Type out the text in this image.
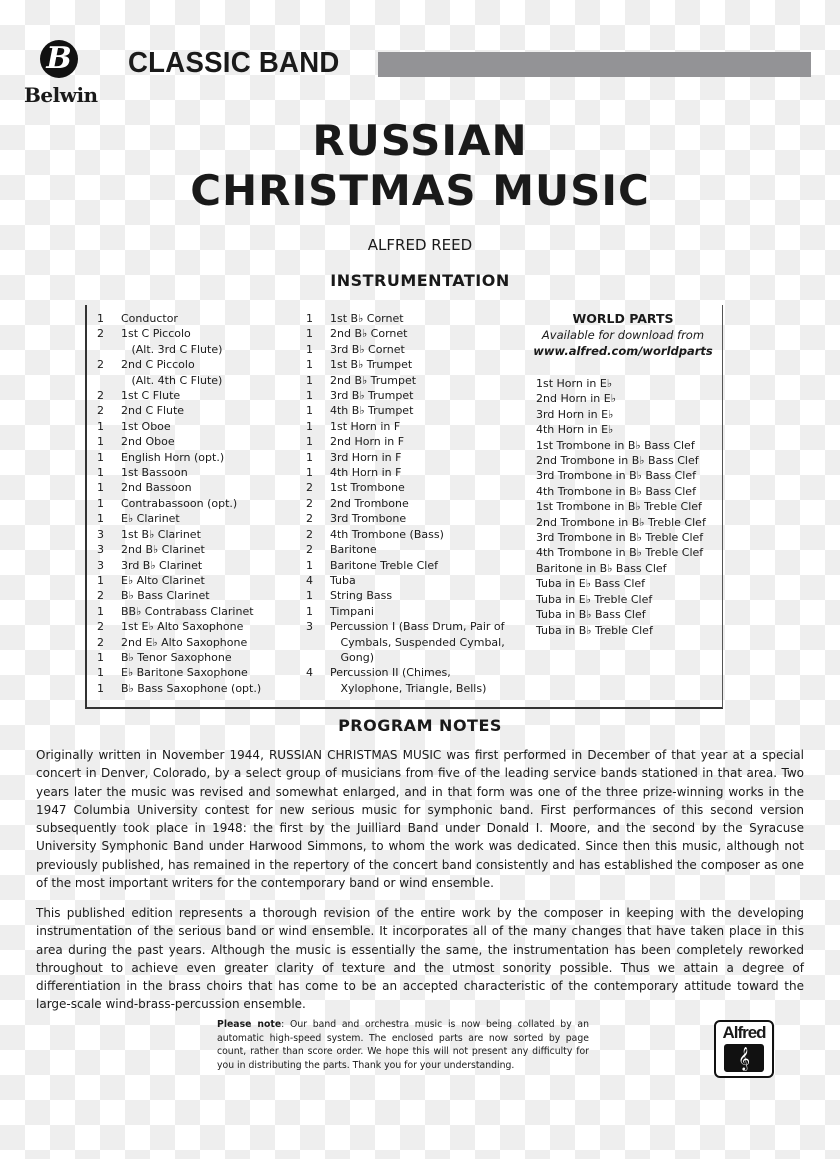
B
Belwin
CLASSIC BAND
RUSSIAN
CHRISTMAS MUSIC
ALFRED REED
INSTRUMENTATION
1	Conductor
2	1st C Piccolo
(Alt. 3rd C Flute)
2	2nd C Piccolo
(Alt. 4th C Flute)
2	1st C Flute
2	2nd C Flute
1	1st Oboe
1	2nd Oboe
1	English Horn (opt.)
1	1st Bassoon
1	2nd Bassoon
1	Contrabassoon (opt.)
1	E♭ Clarinet
3	1st B♭ Clarinet
3	2nd B♭ Clarinet
3	3rd B♭ Clarinet
1	E♭ Alto Clarinet
2	B♭ Bass Clarinet
1	BB♭ Contrabass Clarinet
2	1st E♭ Alto Saxophone
2	2nd E♭ Alto Saxophone
1	B♭ Tenor Saxophone
1	E♭ Baritone Saxophone
1	B♭ Bass Saxophone (opt.)
1	1st B♭ Cornet
1	2nd B♭ Cornet
1	3rd B♭ Cornet
1	1st B♭ Trumpet
1	2nd B♭ Trumpet
1	3rd B♭ Trumpet
1	4th B♭ Trumpet
1	1st Horn in F
1	2nd Horn in F
1	3rd Horn in F
1	4th Horn in F
2	1st Trombone
2	2nd Trombone
2	3rd Trombone
2	4th Trombone (Bass)
2	Baritone
1	Baritone Treble Clef
4	Tuba
1	String Bass
1	Timpani
3	Percussion I (Bass Drum, Pair of
Cymbals, Suspended Cymbal,
Gong)
4	Percussion II (Chimes,
Xylophone, Triangle, Bells)
WORLD PARTS
Available for download from
www.alfred.com/worldparts
1st Horn in E♭
2nd Horn in E♭
3rd Horn in E♭
4th Horn in E♭
1st Trombone in B♭ Bass Clef
2nd Trombone in B♭ Bass Clef
3rd Trombone in B♭ Bass Clef
4th Trombone in B♭ Bass Clef
1st Trombone in B♭ Treble Clef
2nd Trombone in B♭ Treble Clef
3rd Trombone in B♭ Treble Clef
4th Trombone in B♭ Treble Clef
Baritone in B♭ Bass Clef
Tuba in E♭ Bass Clef
Tuba in E♭ Treble Clef
Tuba in B♭ Bass Clef
Tuba in B♭ Treble Clef
PROGRAM NOTES

Originally written in November 1944, RUSSIAN CHRISTMAS MUSIC was first performed in December of that year at a special concert in Denver, Colorado, by a select group of musicians from five of the leading service bands stationed in that area. Two years later the music was revised and somewhat enlarged, and in that form was one of the three prize-winning works in the 1947 Columbia University contest for new serious music for symphonic band. First performances of this second version subsequently took place in 1948: the first by the Juilliard Band under Donald I. Moore, and the second by the Syracuse University Symphonic Band under Harwood Simmons, to whom the work was dedicated. Since then this music, although not previously published, has remained in the repertory of the concert band consistently and has established the composer as one of the most important writers for the contemporary band or wind ensemble.

This published edition represents a thorough revision of the entire work by the composer in keeping with the developing instrumentation of the serious band or wind ensemble. It incorporates all of the many changes that have taken place in this area during the past years. Although the music is essentially the same, the instrumentation has been completely reworked throughout to achieve even greater clarity of texture and the utmost sonority possible. Thus we attain a degree of differentiation in the brass choirs that has come to be an accepted characteristic of the contemporary attitude toward the large-scale wind-brass-percussion ensemble.

Please note: Our band and orchestra music is now being collated by an automatic high-speed system. The enclosed parts are now sorted by page count, rather than score order. We hope this will not present any difficulty for you in distributing the parts. Thank you for your understanding.

Alfred
𝄞
